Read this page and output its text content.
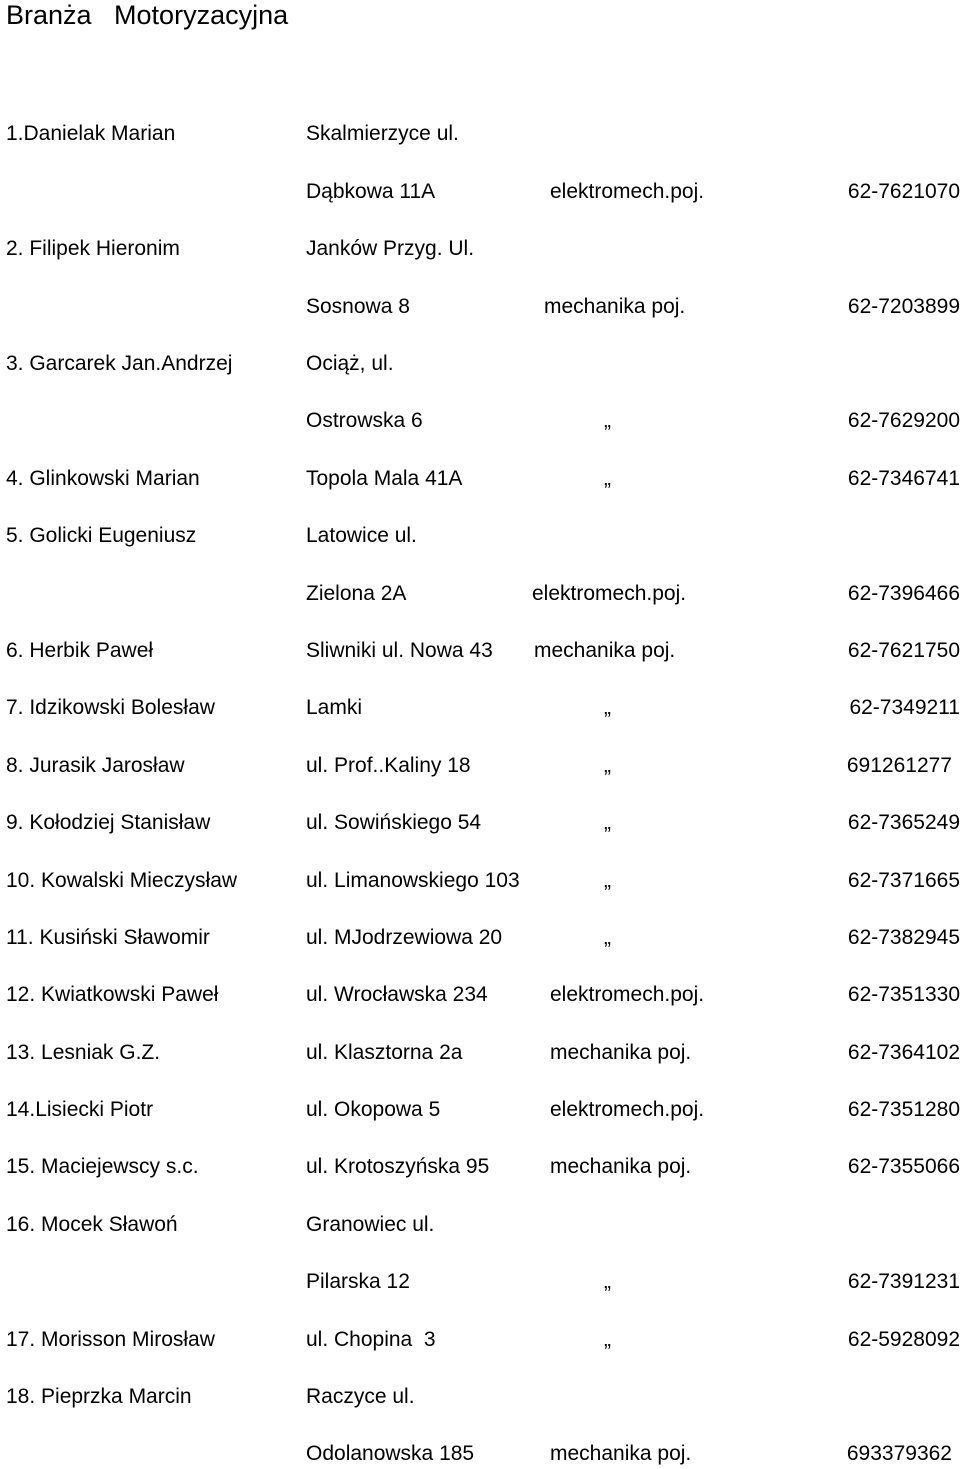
Branża   Motoryzacyjna
1.Danielak Marian	Skalmierzyce ul.
Dąbkowa 11A	elektromech.poj.	62-7621070
2. Filipek Hieronim	Janków Przyg. Ul.
Sosnowa 8	mechanika poj.	62-7203899
3. Garcarek Jan.Andrzej	Ociąż, ul.
Ostrowska 6	„	62-7629200
4. Glinkowski Marian	Topola Mala 41A	„	62-7346741
5. Golicki Eugeniusz	Latowice ul.
Zielona 2A	elektromech.poj.	62-7396466
6. Herbik Paweł	Sliwniki ul. Nowa 43 mechanika poj.	62-7621750
7. Idzikowski Bolesław	Lamki	„	62-7349211
8. Jurasik Jarosław	ul. Prof..Kaliny 18	„	691261277
9. Kołodziej Stanisław	ul. Sowińskiego 54	„	62-7365249
10. Kowalski Mieczysław	ul. Limanowskiego 103	„	62-7371665
11. Kusiński Sławomir	ul. MJodrzewiowa 20	„	62-7382945
12. Kwiatkowski Paweł	ul. Wrocławska 234	elektromech.poj.	62-7351330
13. Lesniak G.Z.	ul. Klasztorna 2a	mechanika poj.	62-7364102
14.Lisiecki Piotr	ul. Okopowa 5	elektromech.poj.	62-7351280
15. Maciejewscy s.c.	ul. Krotoszyńska 95	mechanika poj.	62-7355066
16. Mocek Sławoń	Granowiec ul.
Pilarska 12	„	62-7391231
17. Morisson Mirosław	ul. Chopina  3	„	62-5928092
18. Pieprzka Marcin	Raczyce ul.
Odolanowska 185	mechanika poj.	693379362
